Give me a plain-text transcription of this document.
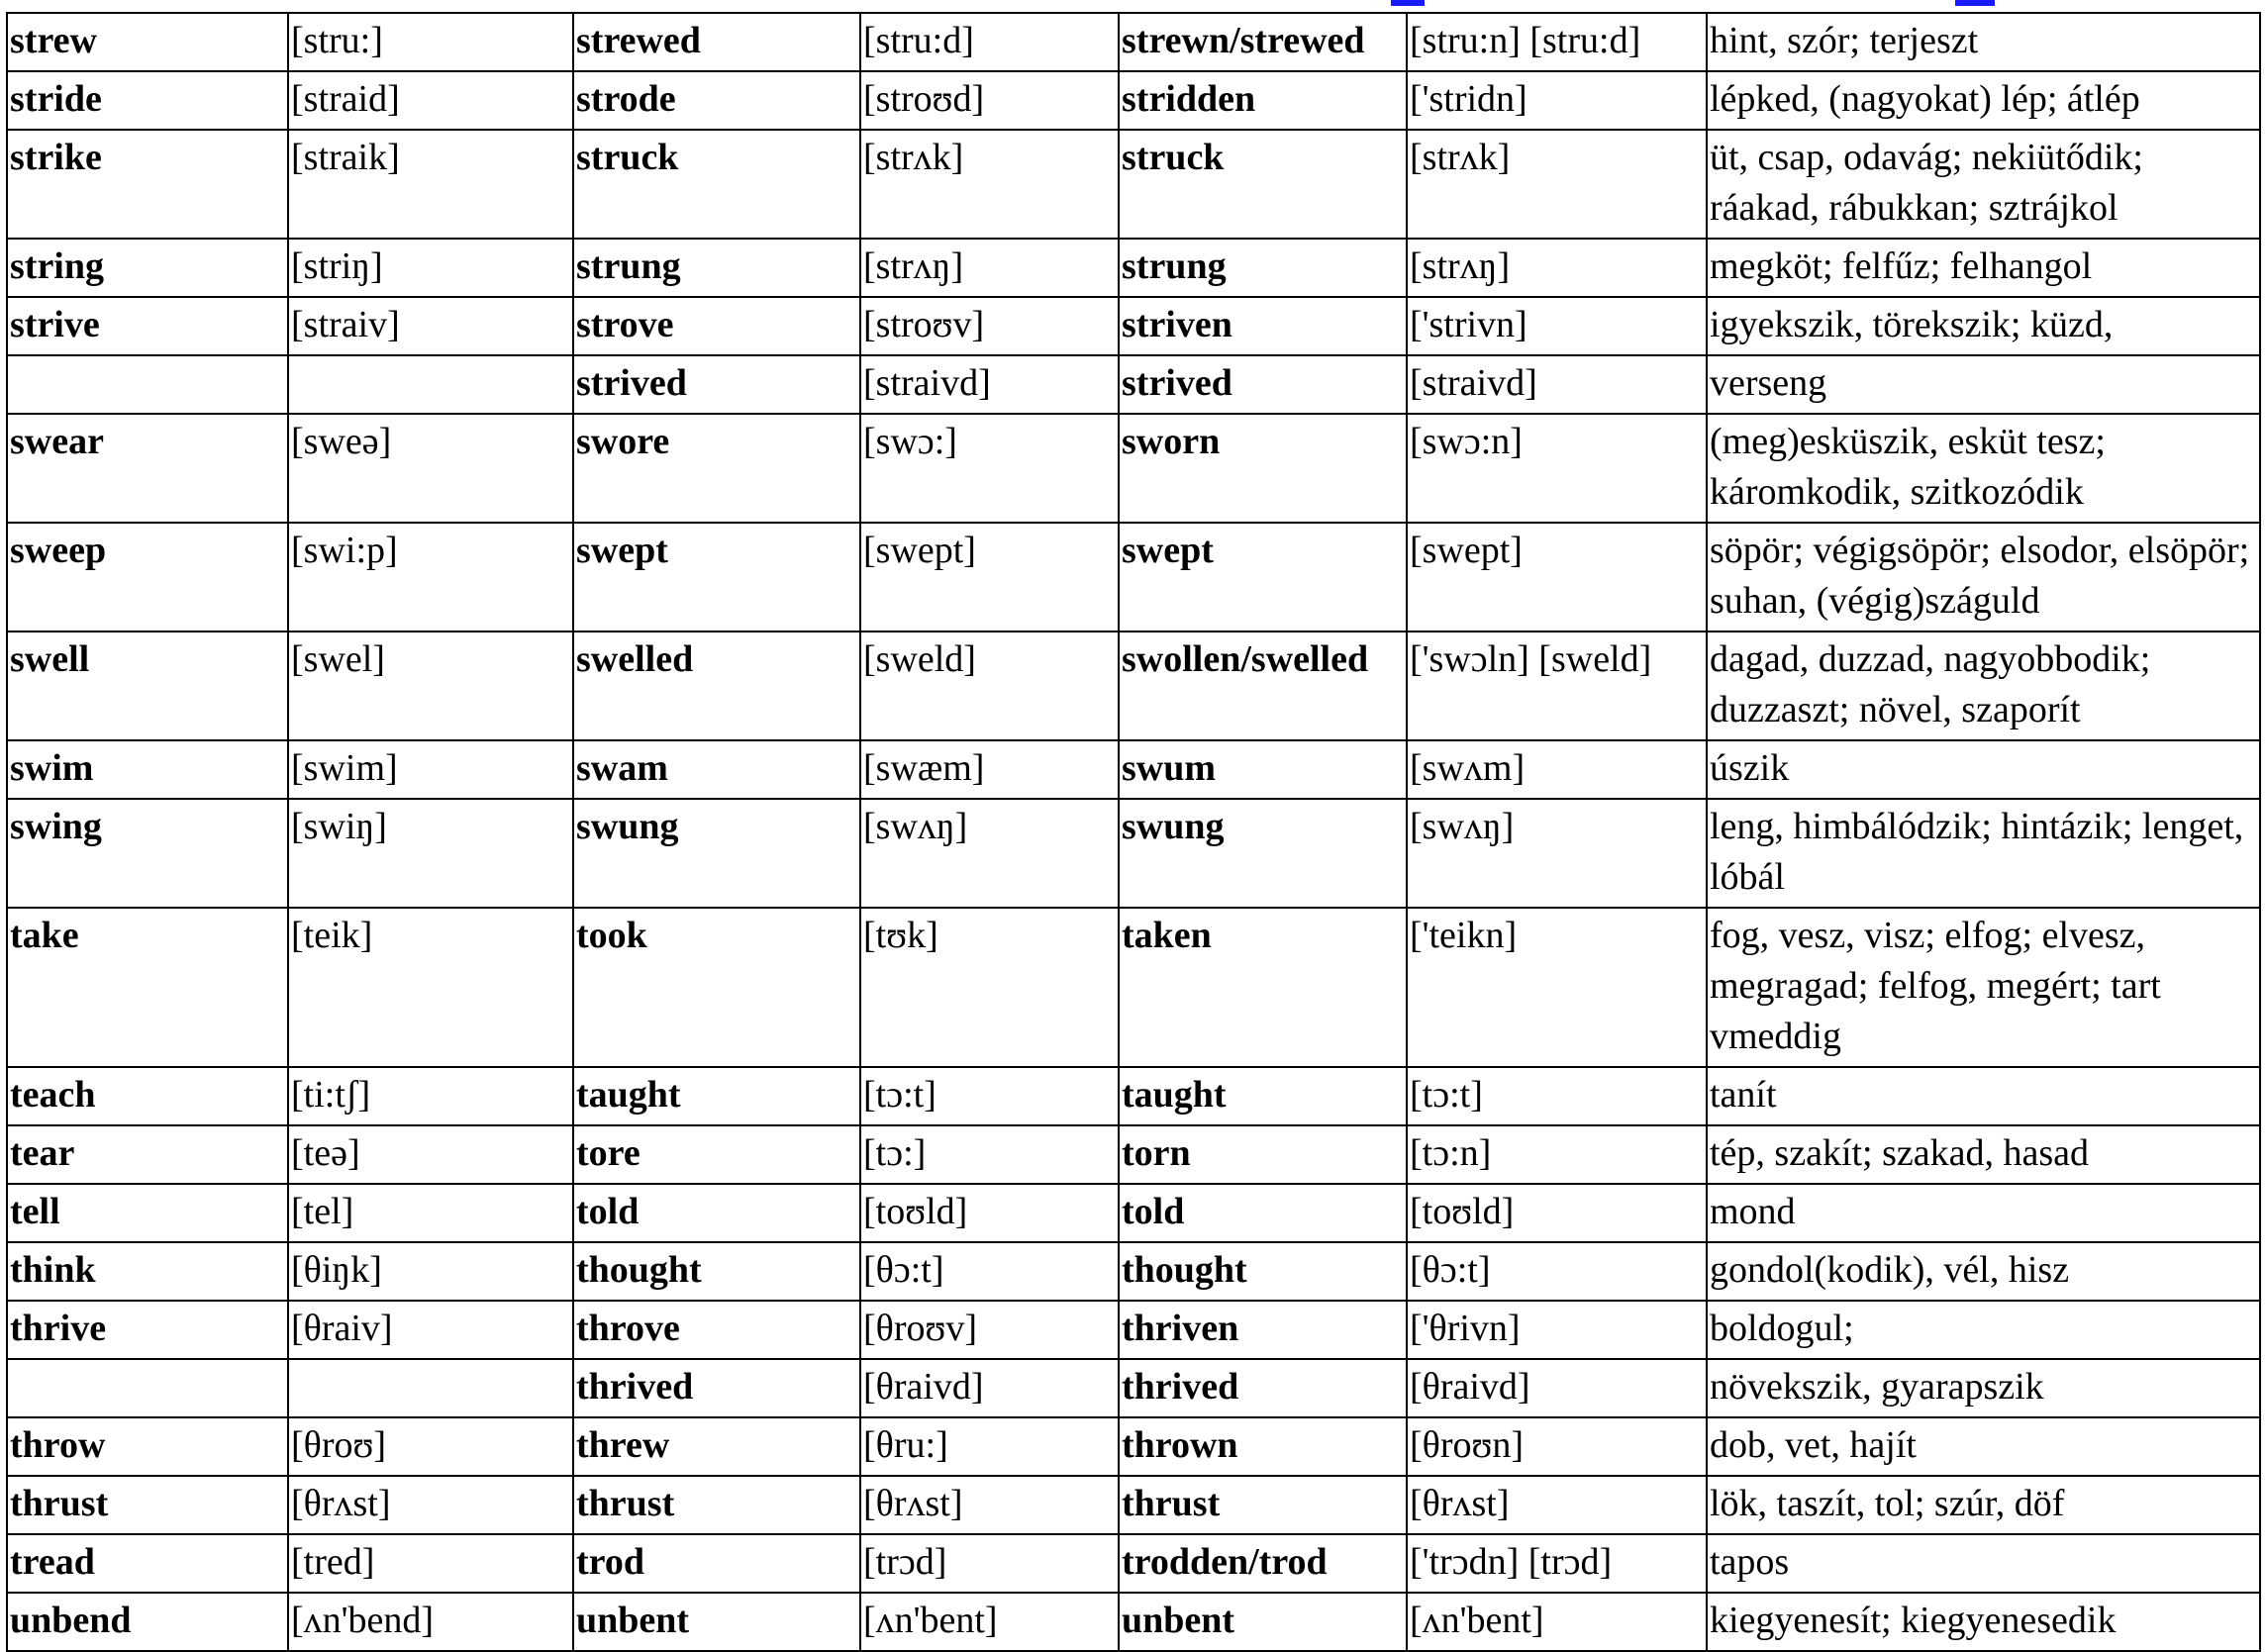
strew	[stru:]	strewed	[stru:d]	strewn/strewed	[stru:n] [stru:d]	hint, szór; terjeszt
stride	[straid]	strode	[stroʊd]	stridden	['stridn]	lépked, (nagyokat) lép; átlép
strike	[straik]	struck	[strʌk]	struck	[strʌk]	üt, csap, odavág; nekiütődik; ráakad, rábukkan; sztrájkol
string	[striŋ]	strung	[strʌŋ]	strung	[strʌŋ]	megköt; felfűz; felhangol
strive	[straiv]	strove	[stroʊv]	striven	['strivn]	igyekszik, törekszik; küzd,
		strived	[straivd]	strived	[straivd]	verseng
swear	[sweə]	swore	[swɔ:]	sworn	[swɔ:n]	(meg)esküszik, esküt tesz; káromkodik, szitkozódik
sweep	[swi:p]	swept	[swept]	swept	[swept]	söpör; végigsöpör; elsodor, elsöpör; suhan, (végig)száguld
swell	[swel]	swelled	[sweld]	swollen/swelled	['swɔln] [sweld]	dagad, duzzad, nagyobbodik; duzzaszt; növel, szaporít
swim	[swim]	swam	[swæm]	swum	[swʌm]	úszik
swing	[swiŋ]	swung	[swʌŋ]	swung	[swʌŋ]	leng, himbálódzik; hintázik; lenget, lóbál
take	[teik]	took	[tʊk]	taken	['teikn]	fog, vesz, visz; elfog; elvesz, megragad; felfog, megért; tart vmeddig
teach	[ti:tʃ]	taught	[tɔ:t]	taught	[tɔ:t]	tanít
tear	[teə]	tore	[tɔ:]	torn	[tɔ:n]	tép, szakít; szakad, hasad
tell	[tel]	told	[toʊld]	told	[toʊld]	mond
think	[θiŋk]	thought	[θɔ:t]	thought	[θɔ:t]	gondol(kodik), vél, hisz
thrive	[θraiv]	throve	[θroʊv]	thriven	['θrivn]	boldogul;
		thrived	[θraivd]	thrived	[θraivd]	növekszik, gyarapszik
throw	[θroʊ]	threw	[θru:]	thrown	[θroʊn]	dob, vet, hajít
thrust	[θrʌst]	thrust	[θrʌst]	thrust	[θrʌst]	lök, taszít, tol; szúr, döf
tread	[tred]	trod	[trɔd]	trodden/trod	['trɔdn] [trɔd]	tapos
unbend	[ʌn'bend]	unbent	[ʌn'bent]	unbent	[ʌn'bent]	kiegyenesít; kiegyenesedik
